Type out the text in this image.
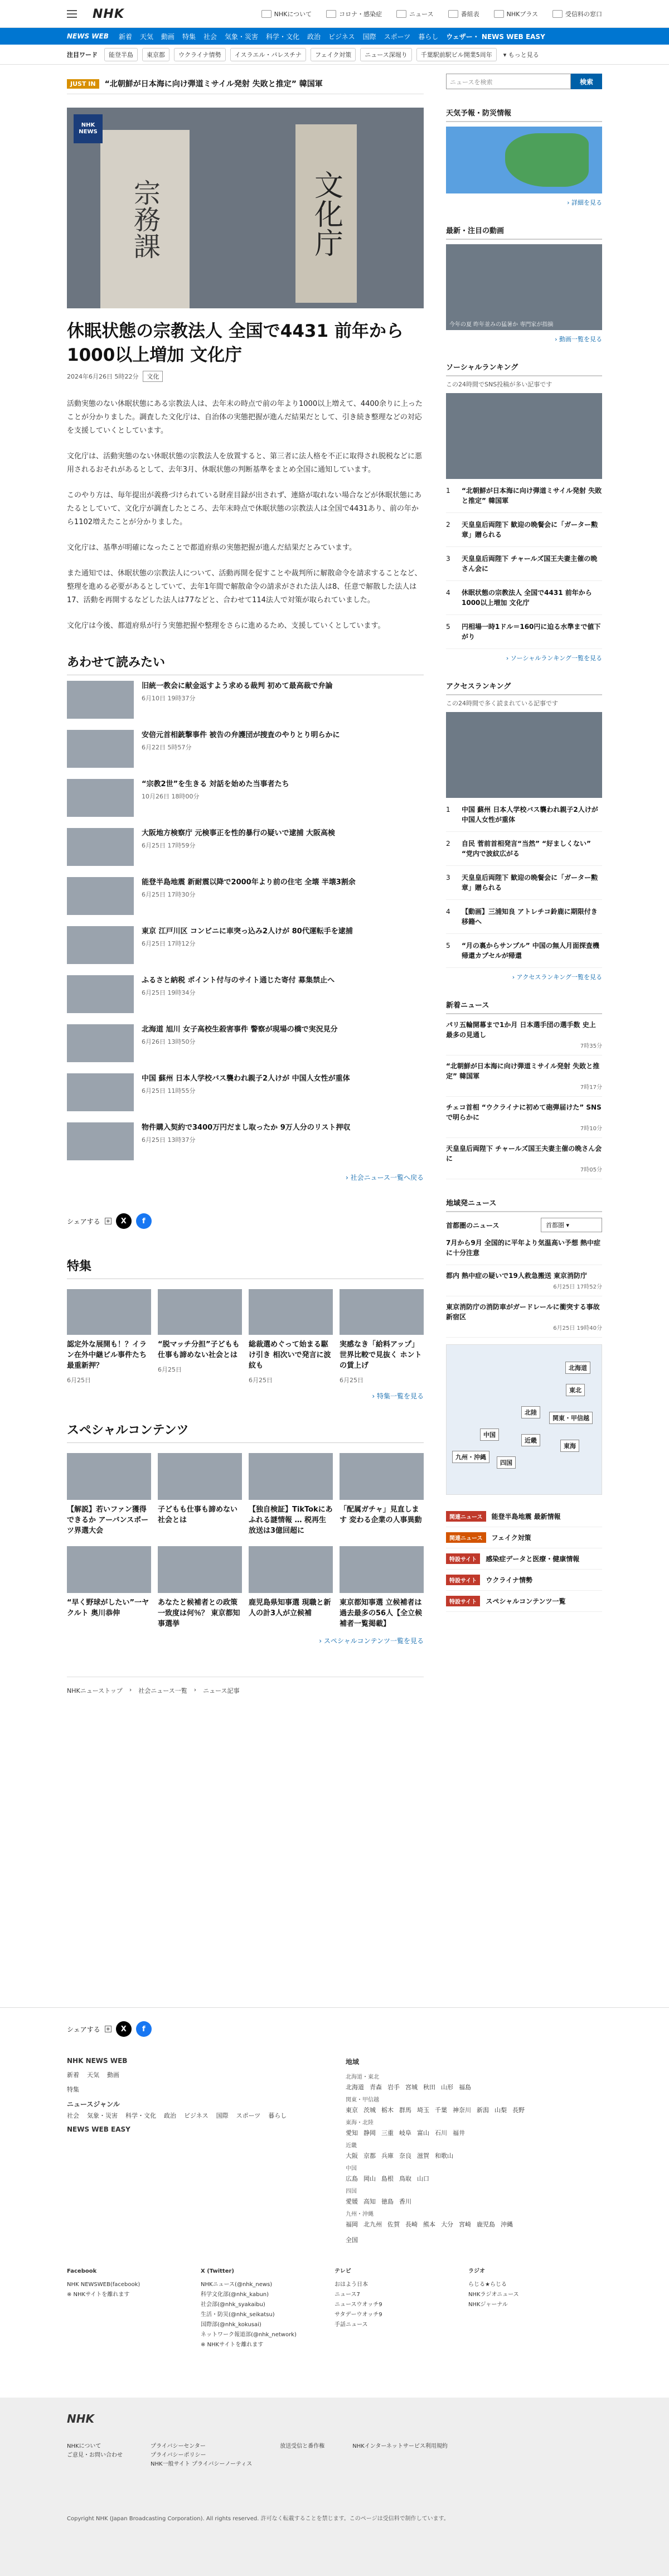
NHK	NHKについて	コロナ・感染症	ニュース	番組表	NHKプラス	受信料の窓口
NEWS WEB	新着 天気 動画 特集 社会 気象・災害 科学・文化 政治 ビジネス 国際 スポーツ 暮らし ウェザー・ NEWS WEB EASY
注目ワード	能登半島	東京都	ウクライナ情勢	イスラエル・パレスチナ	フェイク対策	ニュース深堀り	千葉駅前駅ビル開業5周年	▾ もっと見る
JUST IN	“北朝鮮が日本海に向け弾道ミサイル発射 失敗と推定” 韓国軍
宗務課	文化庁
NHK NEWS
休眠状態の宗教法人 全国で4431 前年から1000以上増加 文化庁
2024年6月26日 5時22分	文化

活動実態のない休眠状態にある宗教法人は、去年末の時点で前の年より1000以上増えて、4400余りに上ったことが分かりました。調査した文化庁は、自治体の実態把握が進んだ結果だとして、引き続き整理などの対応を支援していくとしています。

文化庁は、活動実態のない休眠状態の宗教法人を放置すると、第三者に法人格を不正に取得され脱税などに悪用されるおそれがあるとして、去年3月、休眠状態の判断基準をまとめ全国に通知しています。

このやり方は、毎年提出が義務づけられている財産目録が出されず、連絡が取れない場合などが休眠状態にあたるとしていて、文化庁が調査したところ、去年末時点で休眠状態の宗教法人は全国で4431あり、前の年から1102増えたことが分かりました。

文化庁は、基準が明確になったことで都道府県の実態把握が進んだ結果だとみています。

また通知では、休眠状態の宗教法人について、活動再開を促すことや裁判所に解散命令を請求することなど、整理を進める必要があるとしていて、去年1年間で解散命令の請求がされた法人は8、任意で解散した法人は17、活動を再開するなどした法人は77などと、合わせて114法人で対策が取られていました。

文化庁は今後、都道府県が行う実態把握や整理をさらに進めるため、支援していくとしています。

あわせて読みたい
旧統一教会に献金返すよう求める裁判 初めて最高裁で弁論
6月10日 19時37分
安倍元首相銃撃事件 被告の弁護団が捜査のやりとり明らかに
6月22日 5時57分
“宗教2世”を生きる 対話を始めた当事者たち
10月26日 18時00分
大阪地方検察庁 元検事正を性的暴行の疑いで逮捕 大阪高検
6月25日 17時59分
能登半島地震 新耐震以降で2000年より前の住宅 全壊 半壊3割余
6月25日 17時30分
東京 江戸川区 コンビニに車突っ込み2人けが 80代運転手を逮捕
6月25日 17時12分
ふるさと納税 ポイント付与のサイト通じた寄付 募集禁止へ
6月25日 19時34分
北海道 旭川 女子高校生殺害事件 警察が現場の橋で実況見分
6月26日 13時50分
中国 蘇州 日本人学校バス襲われ親子2人けが 中国人女性が重体
6月25日 11時55分
物件購入契約で3400万円だまし取ったか 9万人分のリスト押収
6月25日 13時37分
› 社会ニュース一覧へ戻る
シェアする +	X	f
特集
認定外な展開も！？イラン在外中継ビル事件たち最重新押？
6月25日
“脱マッチ分担”子どもも仕事も諦めない社会とは
6月25日
総裁選めぐって始まる駆け引き 相次いで発言に波紋も
6月25日
実感なき「給料アップ」 世界比較で見抜く ホントの賃上げ
6月25日
› 特集一覧を見る
スペシャルコンテンツ
【解説】若いファン獲得できるか アーバンスポーツ界選大会
子どもも仕事も諦めない社会とは
【独自検証】TikTokにあふれる謎情報 … 税再生放送は3億回超に
「配属ガチャ」見直します 変わる企業の人事異動
“早く野球がしたい”一ヤクルト 奥川恭伸
あなたと候補者との政策一致度は何％？ 東京都知事選挙
鹿児島県知事選 現職と新人の計3人が立候補
東京都知事選 立候補者は過去最多の56人【全立候補者一覧掲載】
› スペシャルコンテンツ一覧を見る
NHKニューストップ › 社会ニュース一覧 › ニュース記事
ニュースを検索	検索
天気予報・防災情報
› 詳細を見る
最新・注目の動画
今年の夏 昨年並みの猛暑か 専門家が指摘
› 動画一覧を見る
ソーシャルランキング
この24時間でSNS投稿が多い記事です
1	“北朝鮮が日本海に向け弾道ミサイル発射 失敗と推定” 韓国軍
2	天皇皇后両陛下 歓迎の晩餐会に「ガーター勲章」贈られる
3	天皇皇后両陛下 チャールズ国王夫妻主催の晩さん会に
4	休眠状態の宗教法人 全国で4431 前年から1000以上増加 文化庁
5	円相場一時1ドル＝160円に迫る水準まで値下がり
› ソーシャルランキング一覧を見る
アクセスランキング
この24時間で多く読まれている記事です
1	中国 蘇州 日本人学校バス襲われ親子2人けが 中国人女性が重体
2	自民 菅前首相発言“当然” “好ましくない” “党内で波紋広がる
3	天皇皇后両陛下 歓迎の晩餐会に「ガーター勲章」贈られる
4	【動画】三浦知良 アトレチコ鈴鹿に期限付き移籍へ
5	“月の裏からサンプル” 中国の無人月面探査機 帰還カプセルが帰還
› アクセスランキング一覧を見る
新着ニュース
パリ五輪開幕まで1か月 日本選手団の選手数 史上最多の見通し
7時35分
“北朝鮮が日本海に向け弾道ミサイル発射 失敗と推定” 韓国軍
7時17分
チェコ首相 “ウクライナに初めて砲弾届けた” SNSで明らかに
7時10分
天皇皇后両陛下 チャールズ国王夫妻主催の晩さん会に
7時05分
地域発ニュース
首都圏のニュース	首都圏 ▾
7月から9月 全国的に平年より気温高い予想 熱中症に十分注意
都内 熱中症の疑いで19人救急搬送 東京消防庁
6月25日 17時52分
東京消防庁の消防車がガードレールに衝突する事故 新宿区
6月25日 19時40分
北海道
東北
関東・甲信越
東海
北陸
近畿
中国
四国
九州・沖縄
関連ニュース	能登半島地震 最新情報
関連ニュース	フェイク対策
特設サイト	感染症データと医療・健康情報
特設サイト	ウクライナ情勢
特設サイト	スペシャルコンテンツ一覧
シェアする +	X	f
NHK NEWS WEB
新着 天気 動画
特集
ニュースジャンル
社会 気象・災害 科学・文化 政治 ビジネス 国際 スポーツ 暮らし
NEWS WEB EASY
地域
北海道・東北
北海道 青森 岩手 宮城 秋田 山形 福島
関東・甲信越
東京 茨城 栃木 群馬 埼玉 千葉 神奈川 新潟 山梨 長野
東海・北陸
愛知 静岡 三重 岐阜 富山 石川 福井
近畿
大阪 京都 兵庫 奈良 滋賀 和歌山
中国
広島 岡山 島根 鳥取 山口
四国
愛媛 高知 徳島 香川
九州・沖縄
福岡 北九州 佐賀 長崎 熊本 大分 宮崎 鹿児島 沖縄
全国
Facebook
NHK NEWSWEB(facebook)
※ NHKサイトを離れます
X (Twitter)
NHKニュース(@nhk_news)
科学文化部(@nhk_kabun)
社会部(@nhk_syakaibu)
生活・防災(@nhk_seikatsu)
国際部(@nhk_kokusai)
ネットワーク報道部(@nhk_network)
※ NHKサイトを離れます
テレビ
おはよう日本
ニュース7
ニュースウオッチ9
サタデーウオッチ9
手話ニュース
ラジオ
らじる★らじる
NHKラジオニュース
NHKジャーナル
NHK
NHKについて
ご意見・お問い合わせ
プライバシーセンター
プライバシーポリシー
NHK一般サイト プライバシーノーティス
放送受信と番作権	NHKインターネットサービス利用規約
Copyright NHK (Japan Broadcasting Corporation). All rights reserved. 許可なく転載することを禁じます。このページは受信料で制作しています。
